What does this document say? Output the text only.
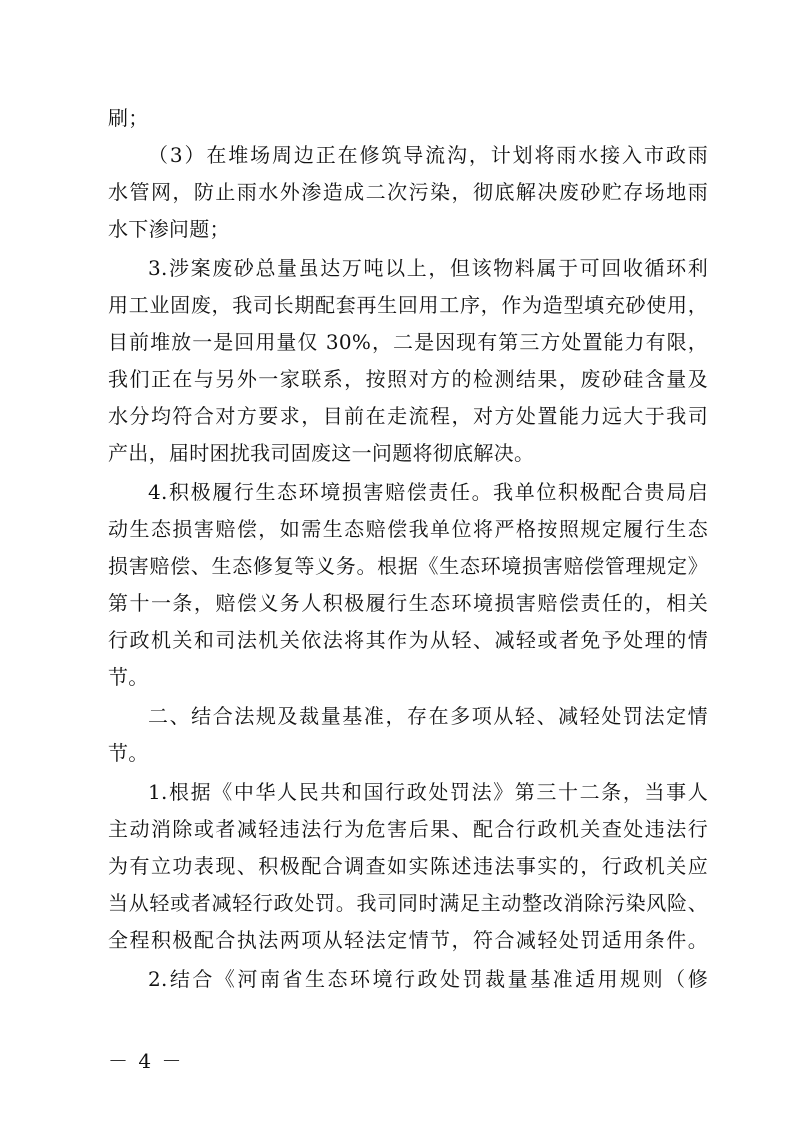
刷；
（3）在堆场周边正在修筑导流沟，计划将雨水接入市政雨
水管网，防止雨水外渗造成二次污染，彻底解决废砂贮存场地雨
水下渗问题；
3.涉案废砂总量虽达万吨以上，但该物料属于可回收循环利
用工业固废，我司长期配套再生回用工序，作为造型填充砂使用，
目前堆放一是回用量仅 30%，二是因现有第三方处置能力有限，
我们正在与另外一家联系，按照对方的检测结果，废砂硅含量及
水分均符合对方要求，目前在走流程，对方处置能力远大于我司
产出，届时困扰我司固废这一问题将彻底解决。
4.积极履行生态环境损害赔偿责任。我单位积极配合贵局启
动生态损害赔偿，如需生态赔偿我单位将严格按照规定履行生态
损害赔偿、生态修复等义务。根据《生态环境损害赔偿管理规定》
第十一条，赔偿义务人积极履行生态环境损害赔偿责任的，相关
行政机关和司法机关依法将其作为从轻、减轻或者免予处理的情
节。
二、结合法规及裁量基准，存在多项从轻、减轻处罚法定情
节。
1.根据《中华人民共和国行政处罚法》第三十二条，当事人
主动消除或者减轻违法行为危害后果、配合行政机关查处违法行
为有立功表现、积极配合调查如实陈述违法事实的，行政机关应
当从轻或者减轻行政处罚。我司同时满足主动整改消除污染风险、
全程积极配合执法两项从轻法定情节，符合减轻处罚适用条件。
2.结合《河南省生态环境行政处罚裁量基准适用规则（修
－ 4 －
